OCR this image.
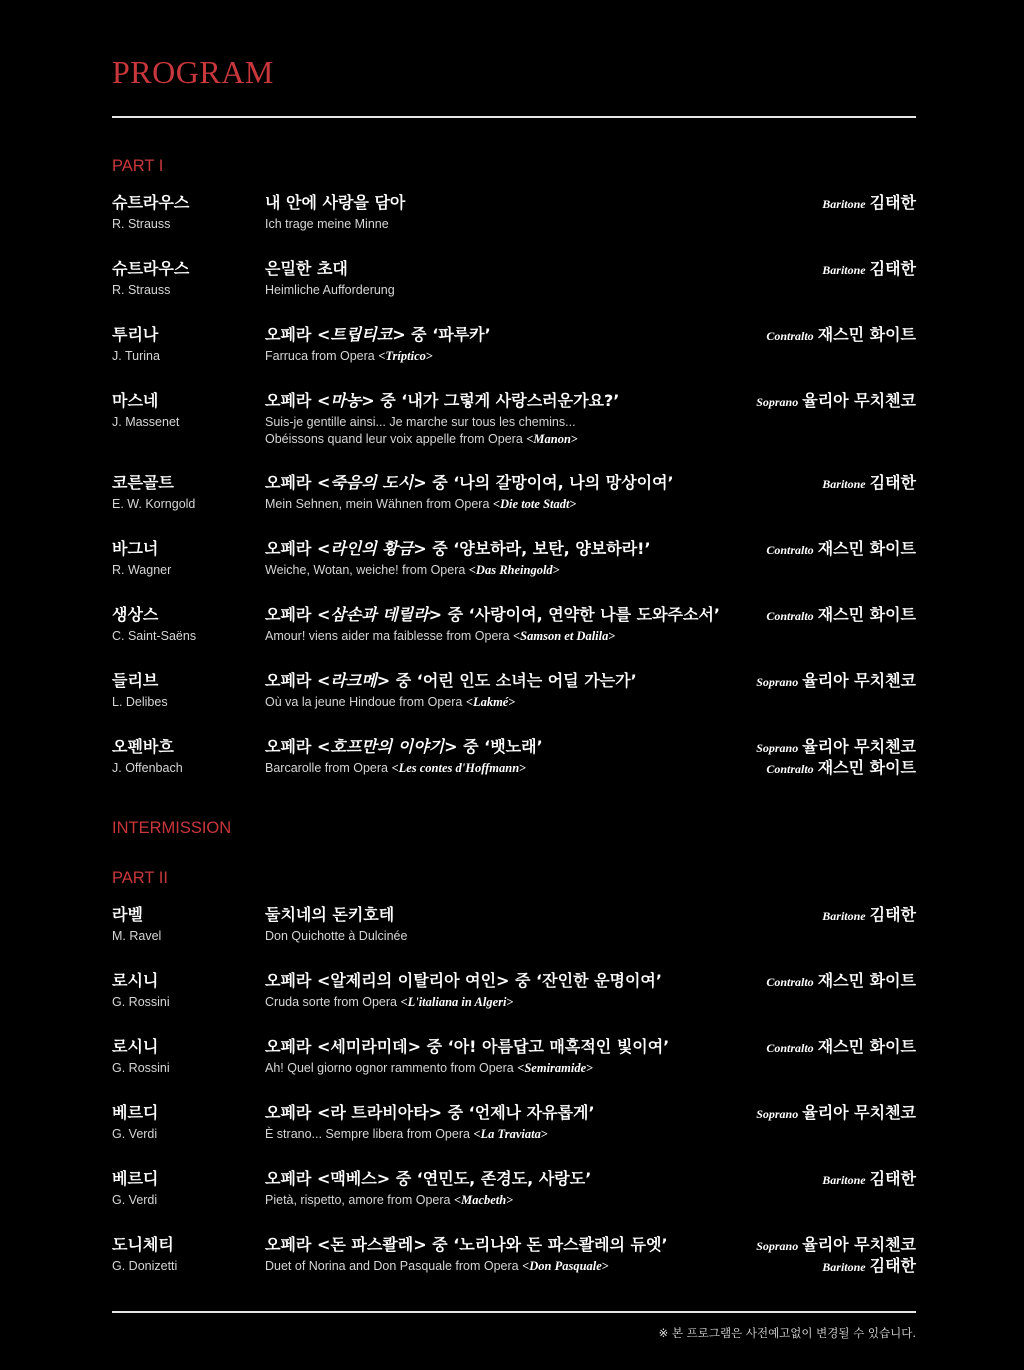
PROGRAM
PART I
슈트라우스
R. Strauss
내 안에 사랑을 담아
Ich trage meine Minne
Baritone 김태한
슈트라우스
R. Strauss
은밀한 초대
Heimliche Aufforderung
Baritone 김태한
투리나
J. Turina
오페라 <트립티코> 중 ‘파루카’
Farruca from Opera <Tríptico>
Contralto 재스민 화이트
마스네
J. Massenet
오페라 <마농> 중 ‘내가 그렇게 사랑스러운가요?’
Suis-je gentille ainsi... Je marche sur tous les chemins...
Obéissons quand leur voix appelle from Opera <Manon>
Soprano 율리아 무치첸코
코른골트
E. W. Korngold
오페라 <죽음의 도시> 중 ‘나의 갈망이여, 나의 망상이여’
Mein Sehnen, mein Wähnen from Opera <Die tote Stadt>
Baritone 김태한
바그너
R. Wagner
오페라 <라인의 황금> 중 ‘양보하라, 보탄, 양보하라!’
Weiche, Wotan, weiche! from Opera <Das Rheingold>
Contralto 재스민 화이트
생상스
C. Saint-Saëns
오페라 <삼손과 데릴라> 중 ‘사랑이여, 연약한 나를 도와주소서’
Amour! viens aider ma faiblesse from Opera <Samson et Dalila>
Contralto 재스민 화이트
들리브
L. Delibes
오페라 <라크메> 중 ‘어린 인도 소녀는 어딜 가는가’
Où va la jeune Hindoue from Opera <Lakmé>
Soprano 율리아 무치첸코
오펜바흐
J. Offenbach
오페라 <호프만의 이야기> 중 ‘뱃노래’
Barcarolle from Opera <Les contes d'Hoffmann>
Soprano 율리아 무치첸코
Contralto 재스민 화이트
INTERMISSION
PART II
라벨
M. Ravel
둘치네의 돈키호테
Don Quichotte à Dulcinée
Baritone 김태한
로시니
G. Rossini
오페라 <알제리의 이탈리아 여인> 중 ‘잔인한 운명이여’
Cruda sorte from Opera <L'italiana in Algeri>
Contralto 재스민 화이트
로시니
G. Rossini
오페라 <세미라미데> 중 ‘아! 아름답고 매혹적인 빛이여’
Ah! Quel giorno ognor rammento from Opera <Semiramide>
Contralto 재스민 화이트
베르디
G. Verdi
오페라 <라 트라비아타> 중 ‘언제나 자유롭게’
È strano... Sempre libera from Opera <La Traviata>
Soprano 율리아 무치첸코
베르디
G. Verdi
오페라 <맥베스> 중 ‘연민도, 존경도, 사랑도’
Pietà, rispetto, amore from Opera <Macbeth>
Baritone 김태한
도니체티
G. Donizetti
오페라 <돈 파스콸레> 중 ‘노리나와 돈 파스콸레의 듀엣’
Duet of Norina and Don Pasquale from Opera <Don Pasquale>
Soprano 율리아 무치첸코
Baritone 김태한
※ 본 프로그램은 사전예고없이 변경될 수 있습니다.
